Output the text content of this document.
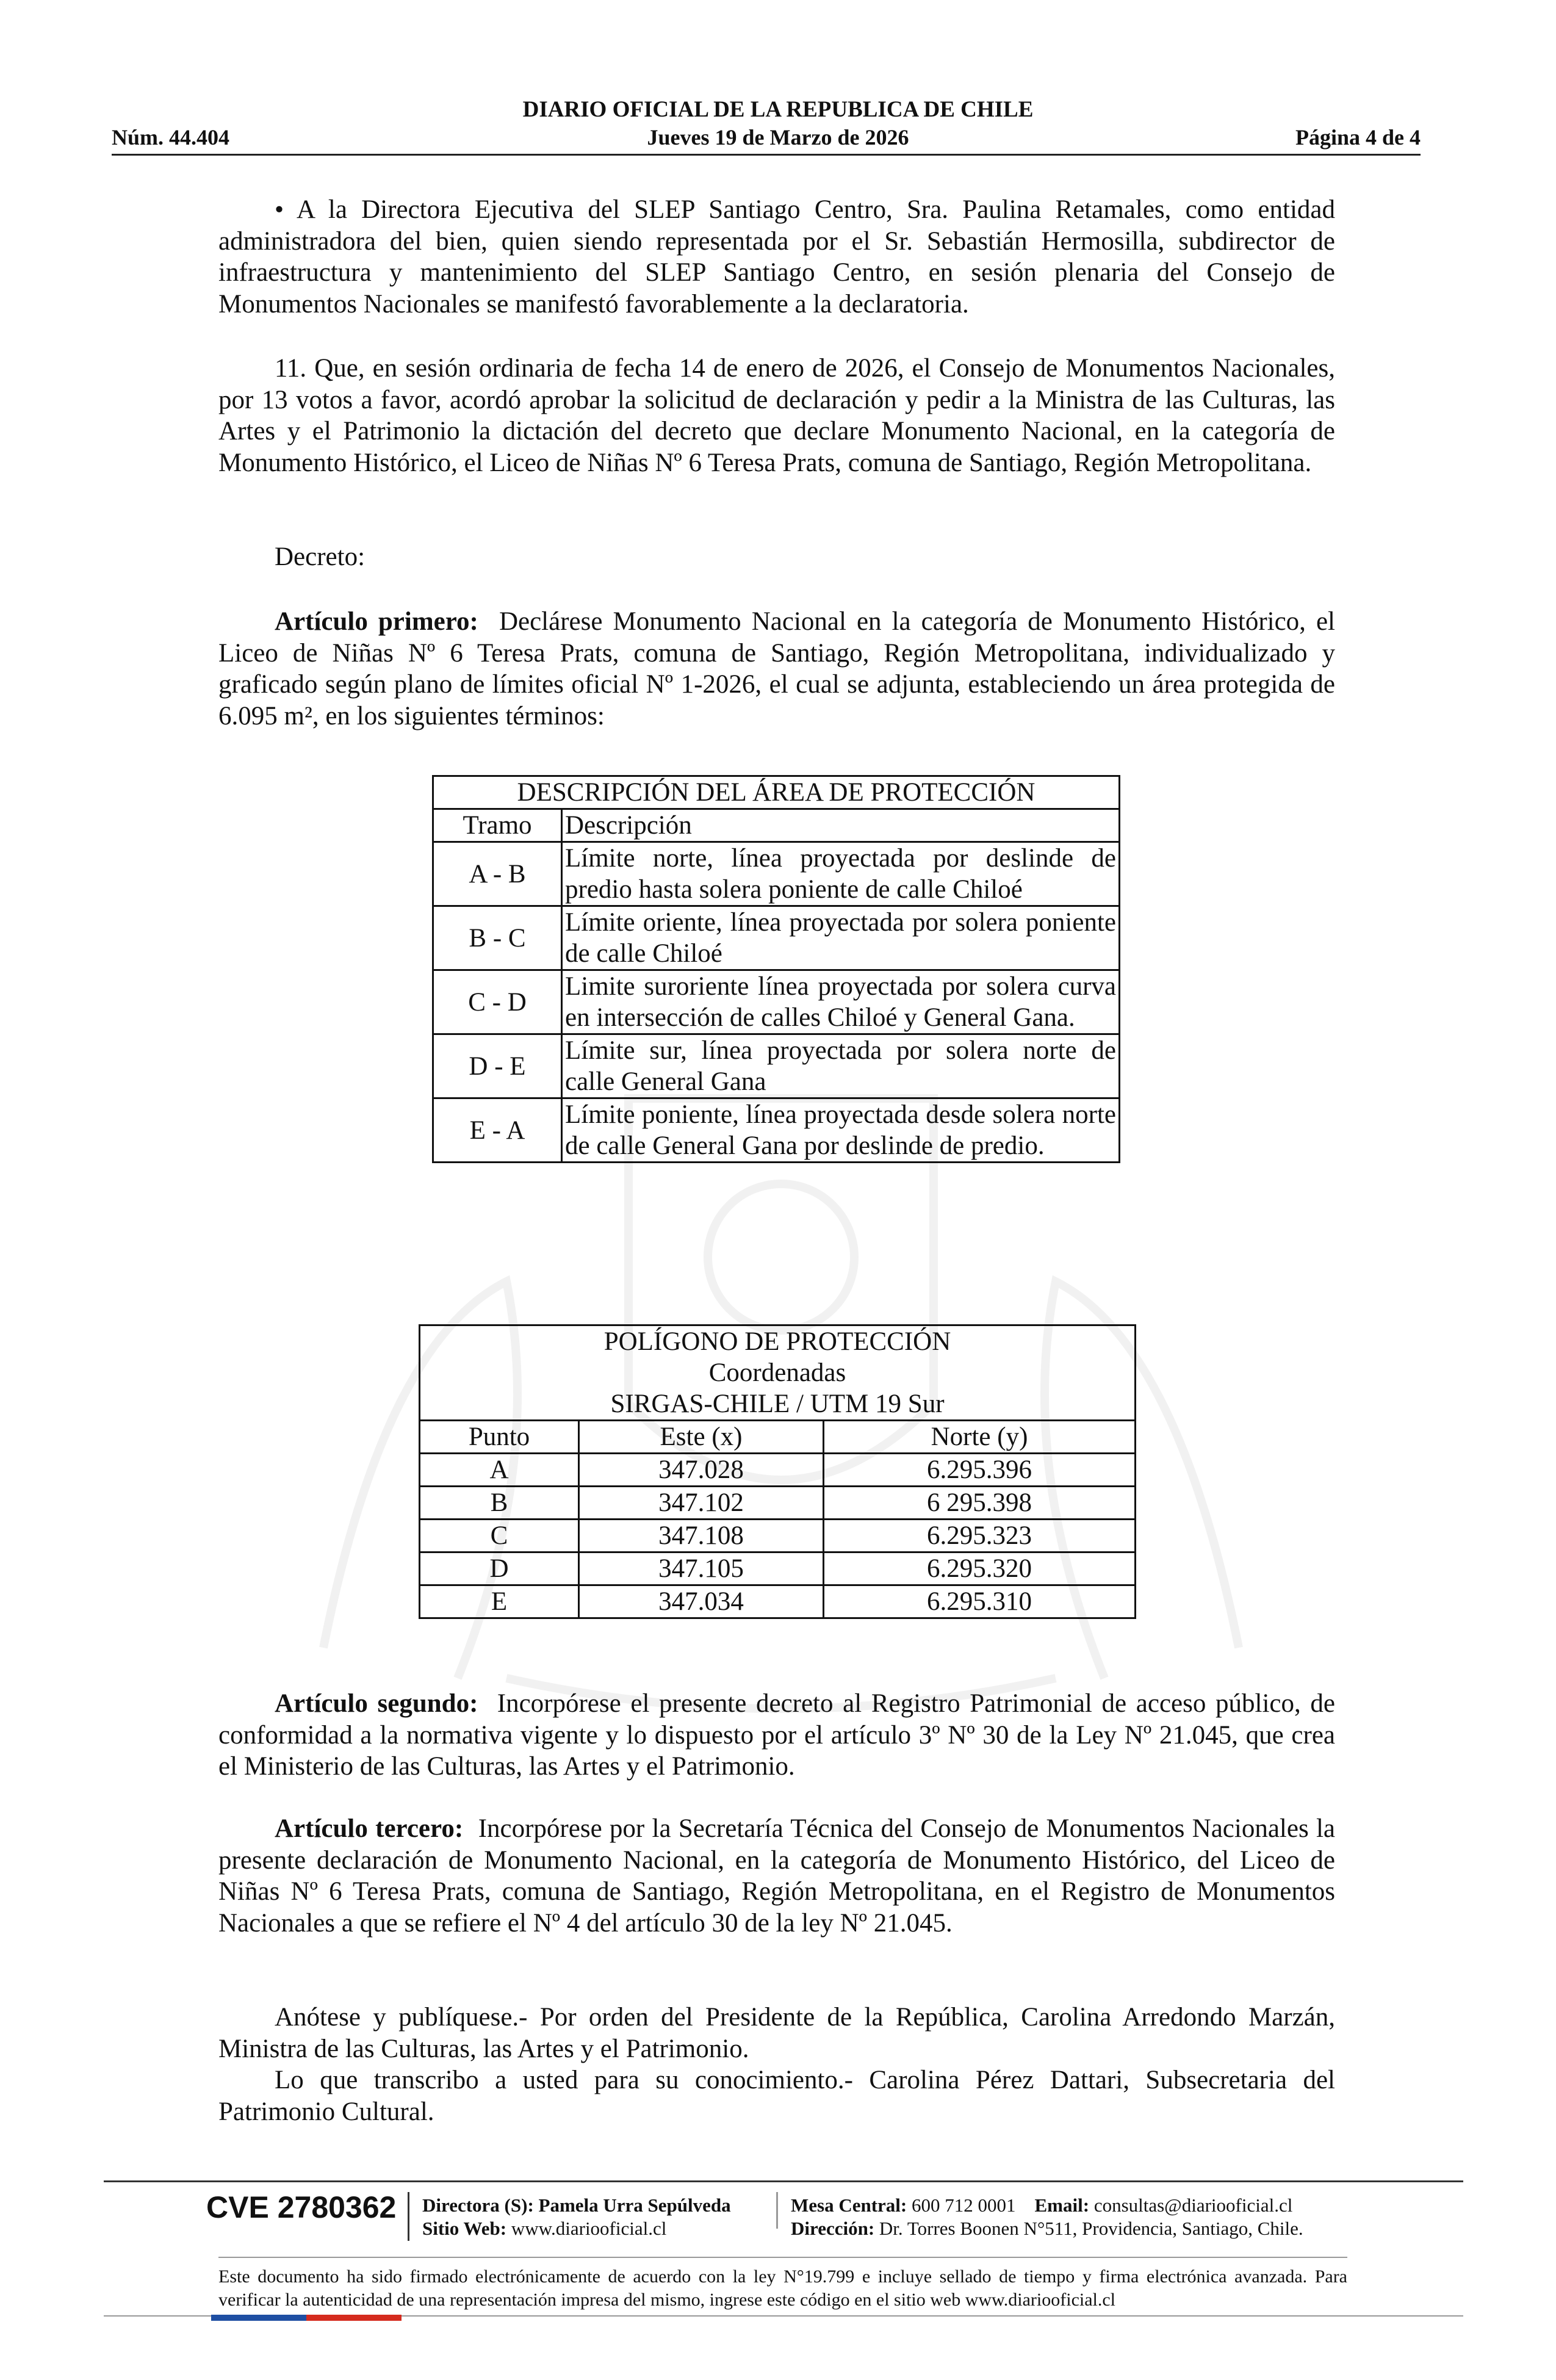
DIARIO OFICIAL DE LA REPUBLICA DE CHILE
Núm. 44.404	Jueves 19 de Marzo de 2026	Página 4 de 4
• A la Directora Ejecutiva del SLEP Santiago Centro, Sra. Paulina Retamales, como entidad administradora del bien, quien siendo representada por el Sr. Sebastián Hermosilla, subdirector de infraestructura y mantenimiento del SLEP Santiago Centro, en sesión plenaria del Consejo de Monumentos Nacionales se manifestó favorablemente a la declaratoria.
11. Que, en sesión ordinaria de fecha 14 de enero de 2026, el Consejo de Monumentos Nacionales, por 13 votos a favor, acordó aprobar la solicitud de declaración y pedir a la Ministra de las Culturas, las Artes y el Patrimonio la dictación del decreto que declare Monumento Nacional, en la categoría de Monumento Histórico, el Liceo de Niñas Nº 6 Teresa Prats, comuna de Santiago, Región Metropolitana.
Decreto:
Artículo primero: Declárese Monumento Nacional en la categoría de Monumento Histórico, el Liceo de Niñas Nº 6 Teresa Prats, comuna de Santiago, Región Metropolitana, individualizado y graficado según plano de límites oficial Nº 1-2026, el cual se adjunta, estableciendo un área protegida de 6.095 m², en los siguientes términos:
DESCRIPCIÓN DEL ÁREA DE PROTECCIÓN	
Tramo	Descripción
A - B	Límite norte, línea proyectada por deslinde de predio hasta solera poniente de calle Chiloé
B - C	Límite oriente, línea proyectada por solera poniente de calle Chiloé
C - D	Limite suroriente línea proyectada por solera curva en intersección de calles Chiloé y General Gana.
D - E	Límite sur, línea proyectada por solera norte de calle General Gana
E - A	Límite poniente, línea proyectada desde solera norte de calle General Gana por deslinde de predio.
POLÍGONO DE PROTECCIÓN
Coordenadas
SIRGAS-CHILE / UTM 19 Sur		

Punto	Este (x)	Norte (y)
A	347.028	6.295.396
B	347.102	6 295.398
C	347.108	6.295.323
D	347.105	6.295.320
E	347.034	6.295.310
Artículo segundo: Incorpórese el presente decreto al Registro Patrimonial de acceso público, de conformidad a la normativa vigente y lo dispuesto por el artículo 3º Nº 30 de la Ley Nº 21.045, que crea el Ministerio de las Culturas, las Artes y el Patrimonio.
Artículo tercero: Incorpórese por la Secretaría Técnica del Consejo de Monumentos Nacionales la presente declaración de Monumento Nacional, en la categoría de Monumento Histórico, del Liceo de Niñas Nº 6 Teresa Prats, comuna de Santiago, Región Metropolitana, en el Registro de Monumentos Nacionales a que se refiere el Nº 4 del artículo 30 de la ley Nº 21.045.
Anótese y publíquese.- Por orden del Presidente de la República, Carolina Arredondo Marzán, Ministra de las Culturas, las Artes y el Patrimonio.
Lo que transcribo a usted para su conocimiento.- Carolina Pérez Dattari, Subsecretaria del Patrimonio Cultural.
CVE 2780362 Directora (S): Pamela Urra Sepúlveda
Sitio Web: www.diariooficial.cl
Mesa Central: 600 712 0001 Email: consultas@diariooficial.cl
Dirección: Dr. Torres Boonen N°511, Providencia, Santiago, Chile.
Este documento ha sido firmado electrónicamente de acuerdo con la ley N°19.799 e incluye sellado de tiempo y firma electrónica avanzada. Para verificar la autenticidad de una representación impresa del mismo, ingrese este código en el sitio web www.diariooficial.cl
